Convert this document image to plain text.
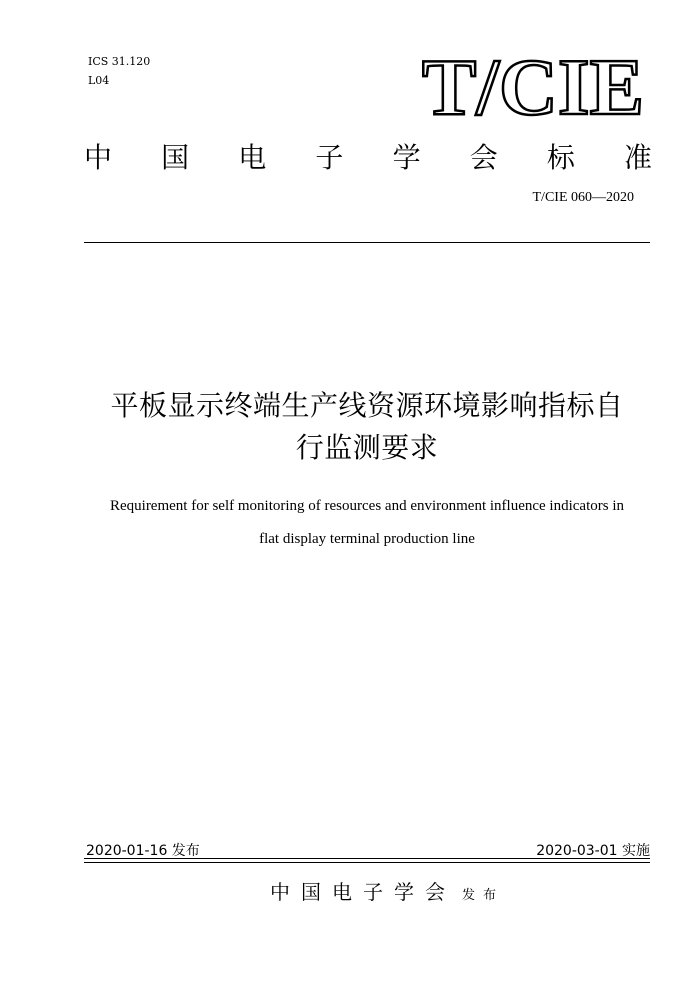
ICS 31.120
L04	T/CIE
中 国 电 子 学 会 标 准
T/CIE 060—2020
平板显示终端生产线资源环境影响指标自
行监测要求
Requirement for self monitoring of resources and environment influence indicators in
flat display terminal production line
2020-01-16 发布	2020-03-01 实施
中国电子学会 发布
